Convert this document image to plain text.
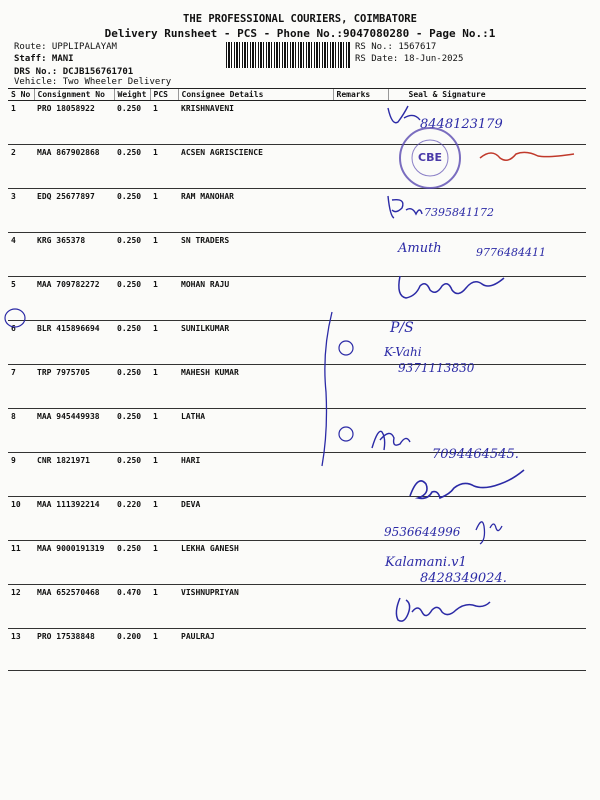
THE PROFESSIONAL COURIERS, COIMBATORE
Delivery Runsheet - PCS - Phone No.:9047080280 - Page No.:1
Route: UPPLIPALAYAM
Staff: MANI
DRS No.: DCJB156761701
Vehicle: Two Wheeler Delivery
RS No.: 1567617
RS Date: 18-Jun-2025
S No	Consignment No	Weight	PCS	Consignee Details	Remarks	Seal & Signature
1	PRO 18058922	0.250	1	KRISHNAVENI		
2	MAA 867902868	0.250	1	ACSEN AGRISCIENCE		
3	EDQ 25677897	0.250	1	RAM MANOHAR		
4	KRG 365378	0.250	1	SN TRADERS		
5	MAA 709782272	0.250	1	MOHAN RAJU		
6	BLR 415896694	0.250	1	SUNILKUMAR		
7	TRP 7975705	0.250	1	MAHESH KUMAR		
8	MAA 945449938	0.250	1	LATHA		
9	CNR 1821971	0.250	1	HARI		
10	MAA 111392214	0.220	1	DEVA		
11	MAA 9000191319	0.250	1	LEKHA GANESH		
12	MAA 652570468	0.470	1	VISHNUPRIYAN		
13	PRO 17538848	0.200	1	PAULRAJ		
8448123179
7395841172
Amuth	9776484411
P/S
K-Vahi
9371113830
7094464545.
9536644996
Kalamani.v1
8428349024.
CBE
